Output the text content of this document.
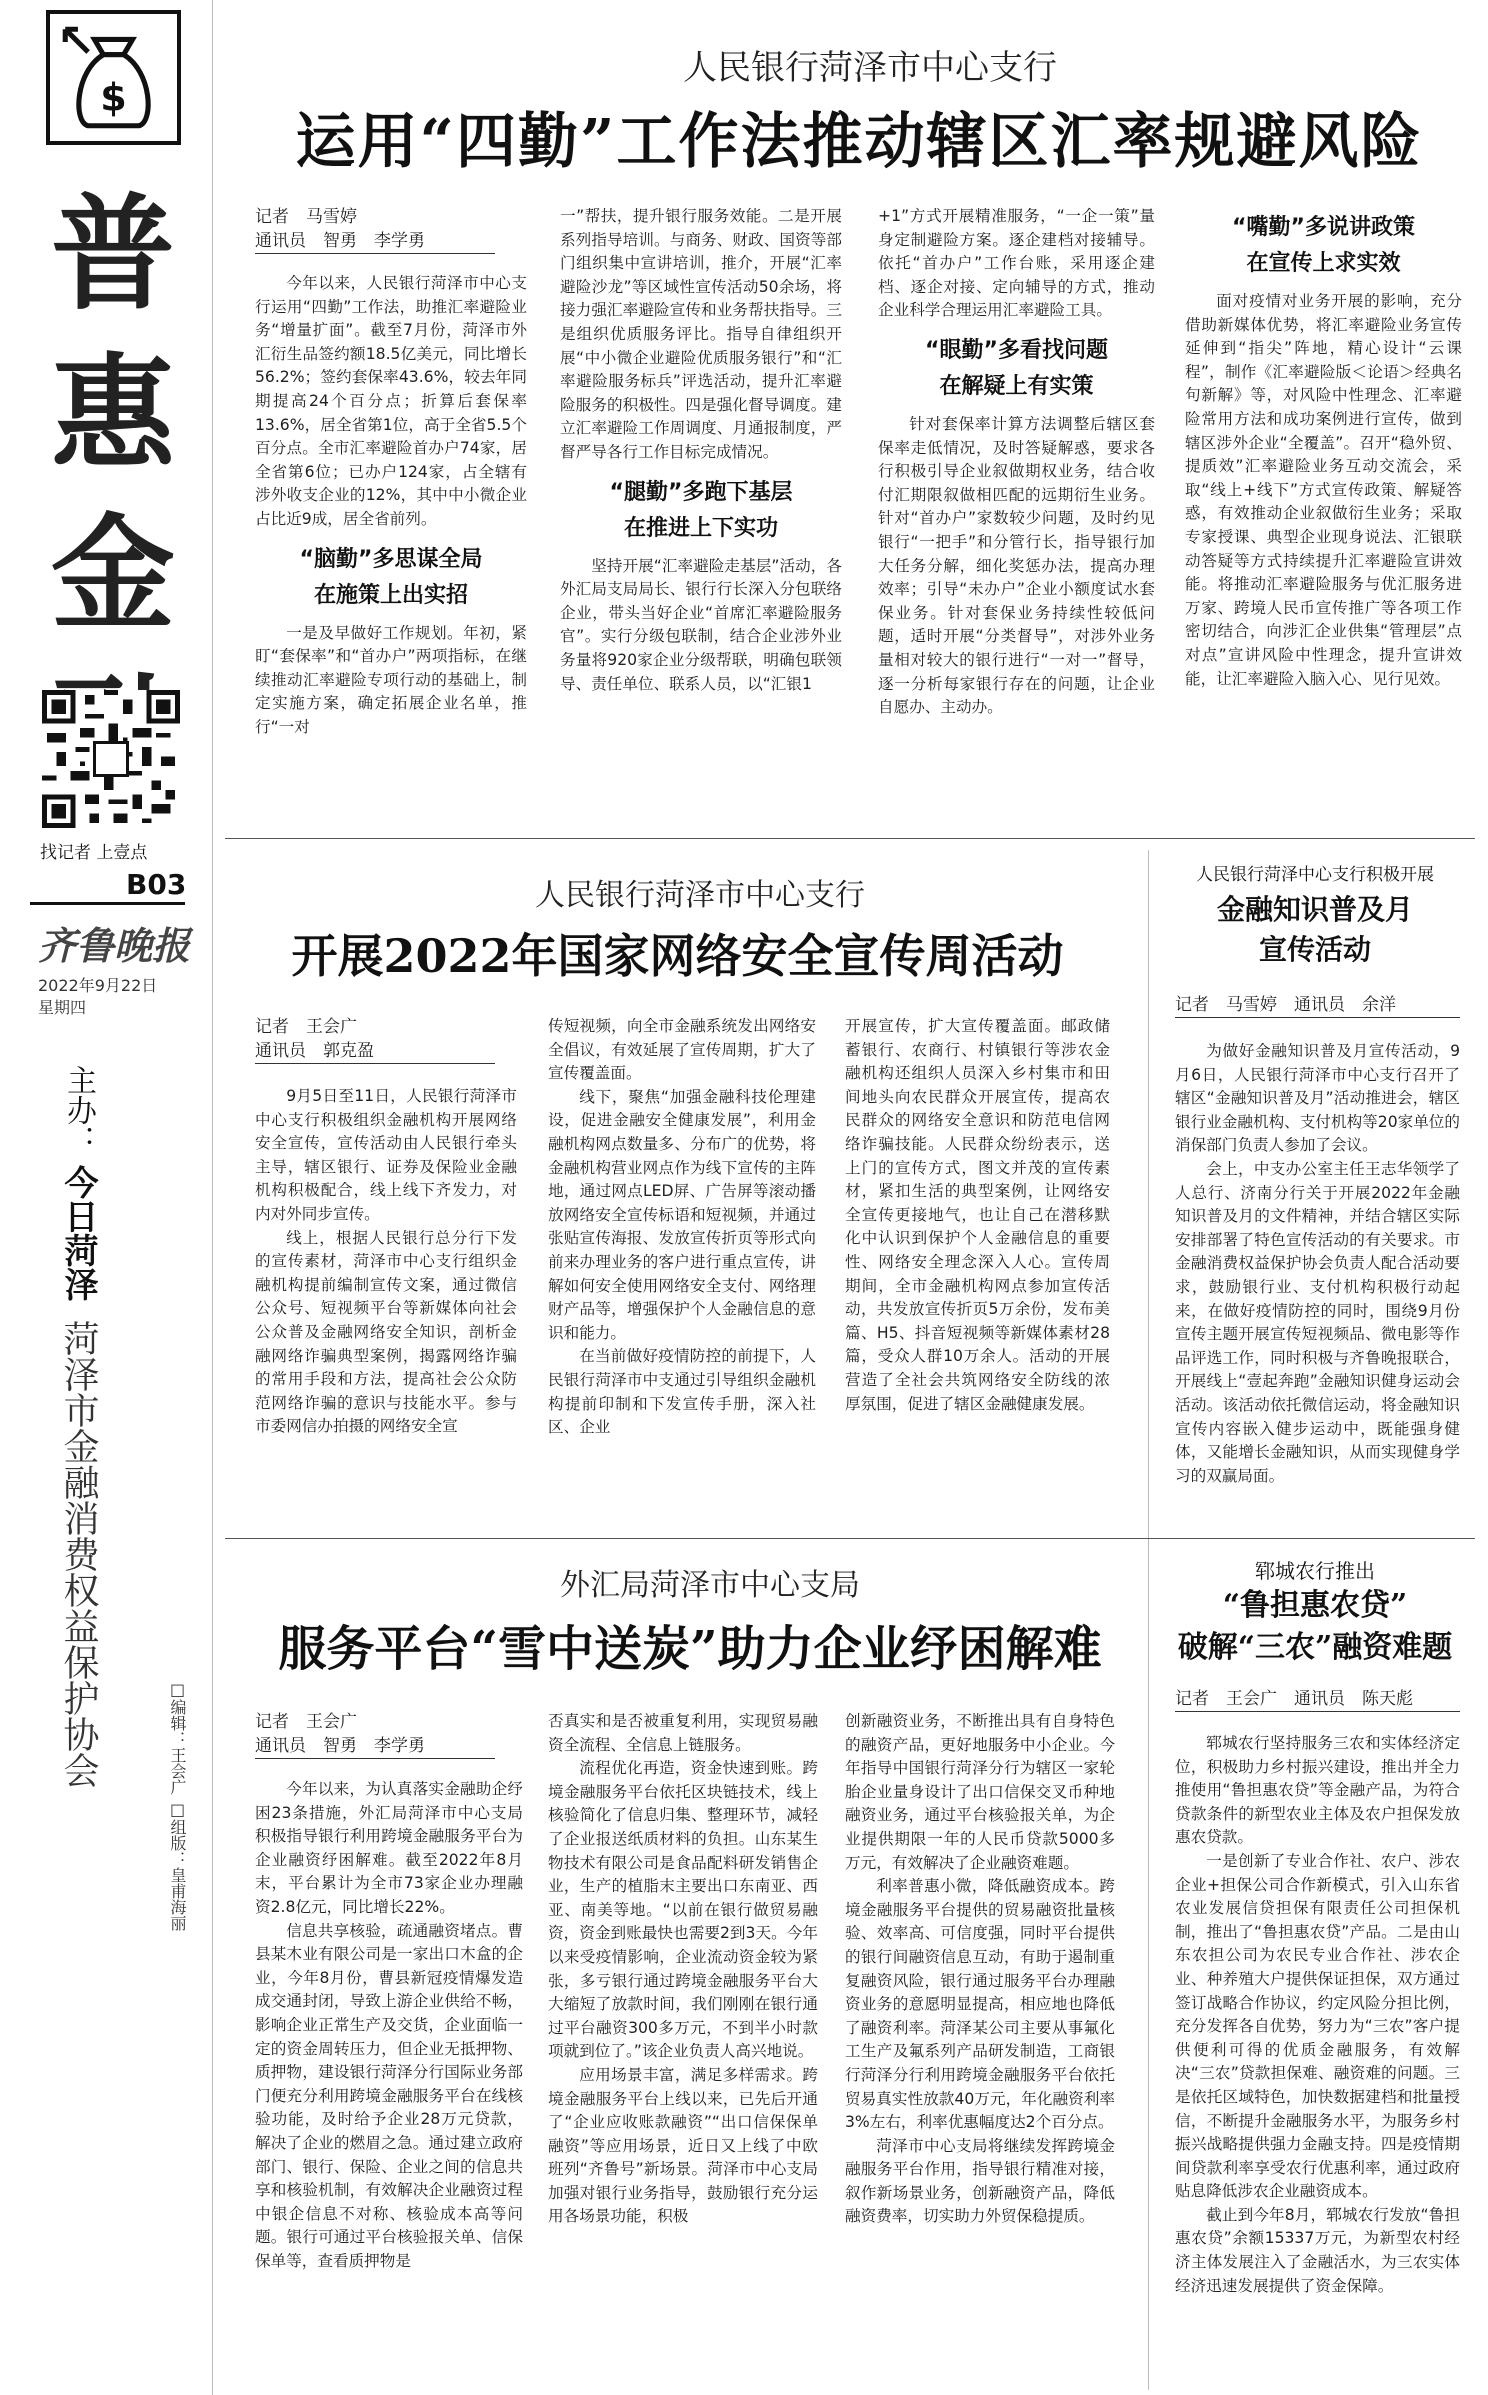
$
普
惠
金
找记者 上壹点
B03
齐鲁晚报
2022年9月22日
星期四
主办：
今日菏泽
菏泽市金融消费权益保护协会
□编辑：王会广 □组版：皇甫海丽
人民银行菏泽市中心支行
运用“四勤”工作法推动辖区汇率规避风险
记者　马雪婷
通讯员　智勇　李学勇

今年以来，人民银行菏泽市中心支行运用“四勤”工作法，助推汇率避险业务“增量扩面”。截至7月份，菏泽市外汇衍生品签约额18.5亿美元，同比增长56.2%；签约套保率43.6%，较去年同期提高24个百分点；折算后套保率13.6%，居全省第1位，高于全省5.5个百分点。全市汇率避险首办户74家，居全省第6位；已办户124家，占全辖有涉外收支企业的12%，其中中小微企业占比近9成，居全省前列。

“脑勤”多思谋全局
在施策上出实招

一是及早做好工作规划。年初，紧盯“套保率”和“首办户”两项指标，在继续推动汇率避险专项行动的基础上，制定实施方案，确定拓展企业名单，推行“一对

一”帮扶，提升银行服务效能。二是开展系列指导培训。与商务、财政、国资等部门组织集中宣讲培训，推介，开展“汇率避险沙龙”等区域性宣传活动50余场，将接力强汇率避险宣传和业务帮扶指导。三是组织优质服务评比。指导自律组织开展“中小微企业避险优质服务银行”和“汇率避险服务标兵”评选活动，提升汇率避险服务的积极性。四是强化督导调度。建立汇率避险工作周调度、月通报制度，严督严导各行工作目标完成情况。

“腿勤”多跑下基层
在推进上下实功

坚持开展“汇率避险走基层”活动，各外汇局支局局长、银行行长深入分包联络企业，带头当好企业“首席汇率避险服务官”。实行分级包联制，结合企业涉外业务量将920家企业分级帮联，明确包联领导、责任单位、联系人员，以“汇银1

+1”方式开展精准服务，“一企一策”量身定制避险方案。逐企建档对接辅导。依托“首办户”工作台账，采用逐企建档、逐企对接、定向辅导的方式，推动企业科学合理运用汇率避险工具。

“眼勤”多看找问题
在解疑上有实策

针对套保率计算方法调整后辖区套保率走低情况，及时答疑解惑，要求各行积极引导企业叙做期权业务，结合收付汇期限叙做相匹配的远期衍生业务。针对“首办户”家数较少问题，及时约见银行“一把手”和分管行长，指导银行加大任务分解，细化奖惩办法，提高办理效率；引导“未办户”企业小额度试水套保业务。针对套保业务持续性较低问题，适时开展“分类督导”，对涉外业务量相对较大的银行进行“一对一”督导，逐一分析每家银行存在的问题，让企业自愿办、主动办。

“嘴勤”多说讲政策
在宣传上求实效

面对疫情对业务开展的影响，充分借助新媒体优势，将汇率避险业务宣传延伸到“指尖”阵地，精心设计“云课程”，制作《汇率避险版＜论语＞经典名句新解》等，对风险中性理念、汇率避险常用方法和成功案例进行宣传，做到辖区涉外企业“全覆盖”。召开“稳外贸、提质效”汇率避险业务互动交流会，采取“线上+线下”方式宣传政策、解疑答惑，有效推动企业叙做衍生业务；采取专家授课、典型企业现身说法、汇银联动答疑等方式持续提升汇率避险宣讲效能。将推动汇率避险服务与优汇服务进万家、跨境人民币宣传推广等各项工作密切结合，向涉汇企业供集“管理层”点对点”宣讲风险中性理念，提升宣讲效能，让汇率避险入脑入心、见行见效。

人民银行菏泽市中心支行
开展2022年国家网络安全宣传周活动
记者　王会广
通讯员　郭克盈

9月5日至11日，人民银行菏泽市中心支行积极组织金融机构开展网络安全宣传，宣传活动由人民银行牵头主导，辖区银行、证券及保险业金融机构积极配合，线上线下齐发力，对内对外同步宣传。

线上，根据人民银行总分行下发的宣传素材，菏泽市中心支行组织金融机构提前编制宣传文案，通过微信公众号、短视频平台等新媒体向社会公众普及金融网络安全知识，剖析金融网络诈骗典型案例，揭露网络诈骗的常用手段和方法，提高社会公众防范网络诈骗的意识与技能水平。参与市委网信办拍摄的网络安全宣

传短视频，向全市金融系统发出网络安全倡议，有效延展了宣传周期，扩大了宣传覆盖面。

线下，聚焦“加强金融科技伦理建设，促进金融安全健康发展”，利用金融机构网点数量多、分布广的优势，将金融机构营业网点作为线下宣传的主阵地，通过网点LED屏、广告屏等滚动播放网络安全宣传标语和短视频，并通过张贴宣传海报、发放宣传折页等形式向前来办理业务的客户进行重点宣传，讲解如何安全使用网络安全支付、网络理财产品等，增强保护个人金融信息的意识和能力。

在当前做好疫情防控的前提下，人民银行菏泽市中支通过引导组织金融机构提前印制和下发宣传手册，深入社区、企业

开展宣传，扩大宣传覆盖面。邮政储蓄银行、农商行、村镇银行等涉农金融机构还组织人员深入乡村集市和田间地头向农民群众开展宣传，提高农民群众的网络安全意识和防范电信网络诈骗技能。人民群众纷纷表示，送上门的宣传方式，图文并茂的宣传素材，紧扣生活的典型案例，让网络安全宣传更接地气，也让自己在潜移默化中认识到保护个人金融信息的重要性、网络安全理念深入人心。宣传周期间，全市金融机构网点参加宣传活动，共发放宣传折页5万余份，发布美篇、H5、抖音短视频等新媒体素材28篇，受众人群10万余人。活动的开展营造了全社会共筑网络安全防线的浓厚氛围，促进了辖区金融健康发展。

人民银行菏泽中心支行积极开展
金融知识普及月
宣传活动
记者　马雪婷　通讯员　余洋

为做好金融知识普及月宣传活动，9月6日，人民银行菏泽市中心支行召开了辖区“金融知识普及月”活动推进会，辖区银行业金融机构、支付机构等20家单位的消保部门负责人参加了会议。

会上，中支办公室主任王志华领学了人总行、济南分行关于开展2022年金融知识普及月的文件精神，并结合辖区实际安排部署了特色宣传活动的有关要求。市金融消费权益保护协会负责人配合活动要求，鼓励银行业、支付机构积极行动起来，在做好疫情防控的同时，围绕9月份宣传主题开展宣传短视频品、微电影等作品评选工作，同时积极与齐鲁晚报联合，开展线上“壹起奔跑”金融知识健身运动会活动。该活动依托微信运动，将金融知识宣传内容嵌入健步运动中，既能强身健体，又能增长金融知识，从而实现健身学习的双赢局面。

郓城农行推出
“鲁担惠农贷”
破解“三农”融资难题
记者　王会广　通讯员　陈天彪

郓城农行坚持服务三农和实体经济定位，积极助力乡村振兴建设，推出并全力推使用“鲁担惠农贷”等金融产品，为符合贷款条件的新型农业主体及农户担保发放惠农贷款。

一是创新了专业合作社、农户、涉农企业+担保公司合作新模式，引入山东省农业发展信贷担保有限责任公司担保机制，推出了“鲁担惠农贷”产品。二是由山东农担公司为农民专业合作社、涉农企业、种养殖大户提供保证担保，双方通过签订战略合作协议，约定风险分担比例，充分发挥各自优势，努力为“三农”客户提供便利可得的优质金融服务，有效解决“三农”贷款担保难、融资难的问题。三是依托区域特色，加快数据建档和批量授信，不断提升金融服务水平，为服务乡村振兴战略提供强力金融支持。四是疫情期间贷款利率享受农行优惠利率，通过政府贴息降低涉农企业融资成本。

截止到今年8月，郓城农行发放“鲁担惠农贷”余额15337万元，为新型农村经济主体发展注入了金融活水，为三农实体经济迅速发展提供了资金保障。

外汇局菏泽市中心支局
服务平台“雪中送炭”助力企业纾困解难
记者　王会广
通讯员　智勇　李学勇

今年以来，为认真落实金融助企纾困23条措施，外汇局菏泽市中心支局积极指导银行利用跨境金融服务平台为企业融资纾困解难。截至2022年8月末，平台累计为全市73家企业办理融资2.8亿元，同比增长22%。

信息共享核验，疏通融资堵点。曹县某木业有限公司是一家出口木盒的企业，今年8月份，曹县新冠疫情爆发造成交通封闭，导致上游企业供给不畅，影响企业正常生产及交货，企业面临一定的资金周转压力，但企业无抵押物、质押物，建设银行菏泽分行国际业务部门便充分利用跨境金融服务平台在线核验功能，及时给予企业28万元贷款，解决了企业的燃眉之急。通过建立政府部门、银行、保险、企业之间的信息共享和核验机制，有效解决企业融资过程中银企信息不对称、核验成本高等问题。银行可通过平台核验报关单、信保保单等，查看质押物是

否真实和是否被重复利用，实现贸易融资全流程、全信息上链服务。

流程优化再造，资金快速到账。跨境金融服务平台依托区块链技术，线上核验简化了信息归集、整理环节，减轻了企业报送纸质材料的负担。山东某生物技术有限公司是食品配料研发销售企业，生产的植脂末主要出口东南亚、西亚、南美等地。“以前在银行做贸易融资，资金到账最快也需要2到3天。今年以来受疫情影响，企业流动资金较为紧张，多亏银行通过跨境金融服务平台大大缩短了放款时间，我们刚刚在银行通过平台融资300多万元，不到半小时款项就到位了。”该企业负责人高兴地说。

应用场景丰富，满足多样需求。跨境金融服务平台上线以来，已先后开通了“企业应收账款融资”“出口信保保单融资”等应用场景，近日又上线了中欧班列“齐鲁号”新场景。菏泽市中心支局加强对银行业务指导，鼓励银行充分运用各场景功能，积极

创新融资业务，不断推出具有自身特色的融资产品，更好地服务中小企业。今年指导中国银行菏泽分行为辖区一家轮胎企业量身设计了出口信保交叉币种地融资业务，通过平台核验报关单，为企业提供期限一年的人民币贷款5000多万元，有效解决了企业融资难题。

利率普惠小微，降低融资成本。跨境金融服务平台提供的贸易融资批量核验、效率高、可信度强，同时平台提供的银行间融资信息互动，有助于遏制重复融资风险，银行通过服务平台办理融资业务的意愿明显提高，相应地也降低了融资利率。菏泽某公司主要从事氟化工生产及氟系列产品研发制造，工商银行菏泽分行利用跨境金融服务平台依托贸易真实性放款40万元，年化融资利率3%左右，利率优惠幅度达2个百分点。

菏泽市中心支局将继续发挥跨境金融服务平台作用，指导银行精准对接，叙作新场景业务，创新融资产品，降低融资费率，切实助力外贸保稳提质。
